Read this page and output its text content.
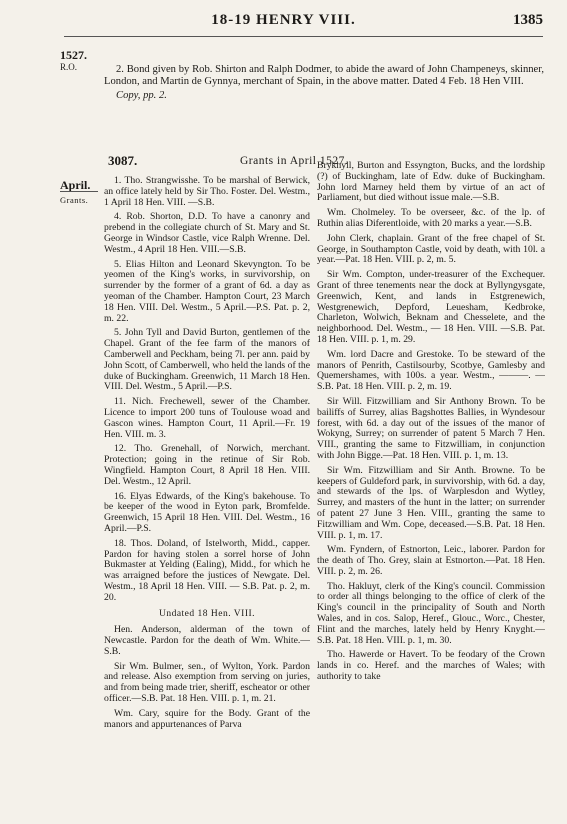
18-19 HENRY VIII.	1385
1527.
R.O.
April.
Grants.

2. Bond given by Rob. Shirton and Ralph Dodmer, to abide the award of John Champeneys, skinner, London, and Martin de Gynnya, merchant of Spain, in the above matter. Dated 4 Feb. 18 Hen VIII.

Copy, pp. 2.

3087.	Grants in April 1527.

1. Tho. Strangwisshe. To be marshal of Berwick, an office lately held by Sir Tho. Foster. Del. Westm., 1 April 18 Hen. VIII. —S.B.

4. Rob. Shorton, D.D. To have a canonry and prebend in the collegiate church of St. Mary and St. George in Windsor Castle, vice Ralph Wrenne. Del. Westm., 4 April 18 Hen. VIII.—S.B.

5. Elias Hilton and Leonard Skevyngton. To be yeomen of the King's works, in survivorship, on surrender by the former of a grant of 6d. a day as yeoman of the Chamber. Hampton Court, 23 March 18 Hen. VIII. Del. Westm., 5 April.—P.S. Pat. p. 2, m. 22.

5. John Tyll and David Burton, gentlemen of the Chapel. Grant of the fee farm of the manors of Camberwell and Peckham, being 7l. per ann. paid by John Scott, of Camberwell, who held the lands of the duke of Buckingham. Greenwich, 11 March 18 Hen. VIII. Del. Westm., 5 April.—P.S.

11. Nich. Frechewell, sewer of the Chamber. Licence to import 200 tuns of Toulouse woad and Gascon wines. Hampton Court, 11 April.—Fr. 19 Hen. VIII. m. 3.

12. Tho. Grenehall, of Norwich, merchant. Protection; going in the retinue of Sir Rob. Wingfield. Hampton Court, 8 April 18 Hen. VIII. Del. Westm., 12 April.

16. Elyas Edwards, of the King's bakehouse. To be keeper of the wood in Eyton park, Bromfelde. Greenwich, 15 April 18 Hen. VIII. Del. Westm., 16 April.—P.S.

18. Thos. Doland, of Istelworth, Midd., capper. Pardon for having stolen a sorrel horse of John Bukmaster at Yelding (Ealing), Midd., for which he was arraigned before the justices of Newgate. Del. Westm., 18 April 18 Hen. VIII. — S.B. Pat. p. 2, m. 20.

Undated 18 Hen. VIII.

Hen. Anderson, alderman of the town of Newcastle. Pardon for the death of Wm. White.—S.B.

Sir Wm. Bulmer, sen., of Wylton, York. Pardon and release. Also exemption from serving on juries, and from being made trier, sheriff, escheator or other officer.—S.B. Pat. 18 Hen. VIII. p. 1, m. 21.

Wm. Cary, squire for the Body. Grant of the manors and appurtenances of Parva

Brykhyll, Burton and Essyngton, Bucks, and the lordship (?) of Buckingham, late of Edw. duke of Buckingham. John lord Marney held them by virtue of an act of Parliament, but died without issue male.—S.B.

Wm. Cholmeley. To be overseer, &c. of the lp. of Ruthin alias Diferentloide, with 20 marks a year.—S.B.

John Clerk, chaplain. Grant of the free chapel of St. George, in Southampton Castle, void by death, with 10l. a year.—Pat. 18 Hen. VIII. p. 2, m. 5.

Sir Wm. Compton, under-treasurer of the Exchequer. Grant of three tenements near the dock at Byllyngysgate, Greenwich, Kent, and lands in Estgrenewich, Westgrenewich, Depford, Leuesham, Kedbroke, Charleton, Wolwich, Beknam and Chesselete, and the neighborhood. Del. Westm., — 18 Hen. VIII. —S.B. Pat. 18 Hen. VIII. p. 1, m. 29.

Wm. lord Dacre and Grestoke. To be steward of the manors of Penrith, Castilsourby, Scotbye, Gamlesby and Quemershames, with 100s. a year. Westm., ———. —S.B. Pat. 18 Hen. VIII. p. 2, m. 19.

Sir Will. Fitzwilliam and Sir Anthony Brown. To be bailiffs of Surrey, alias Bagshottes Ballies, in Wyndesour forest, with 6d. a day out of the issues of the manor of Wokyng, Surrey; on surrender of patent 5 March 7 Hen. VIII., granting the same to Fitzwilliam, in conjunction with John Bigge.—Pat. 18 Hen. VIII. p. 1, m. 13.

Sir Wm. Fitzwilliam and Sir Anth. Browne. To be keepers of Guldeford park, in survivorship, with 6d. a day, and stewards of the lps. of Warplesdon and Wytley, Surrey, and masters of the hunt in the latter; on surrender of patent 27 June 3 Hen. VIII., granting the same to Fitzwilliam and Wm. Cope, deceased.—S.B. Pat. 18 Hen. VIII. p. 1, m. 17.

Wm. Fyndern, of Estnorton, Leic., laborer. Pardon for the death of Tho. Grey, slain at Estnorton.—Pat. 18 Hen. VIII. p. 2, m. 26.

Tho. Hakluyt, clerk of the King's council. Commission to order all things belonging to the office of clerk of the King's council in the principality of South and North Wales, and in cos. Salop, Heref., Glouc., Worc., Chester, Flint and the marches, lately held by Henry Knyght.—S.B. Pat. 18 Hen. VIII. p. 1, m. 30.

Tho. Hawerde or Havert. To be feodary of the Crown lands in co. Heref. and the marches of Wales; with authority to take
